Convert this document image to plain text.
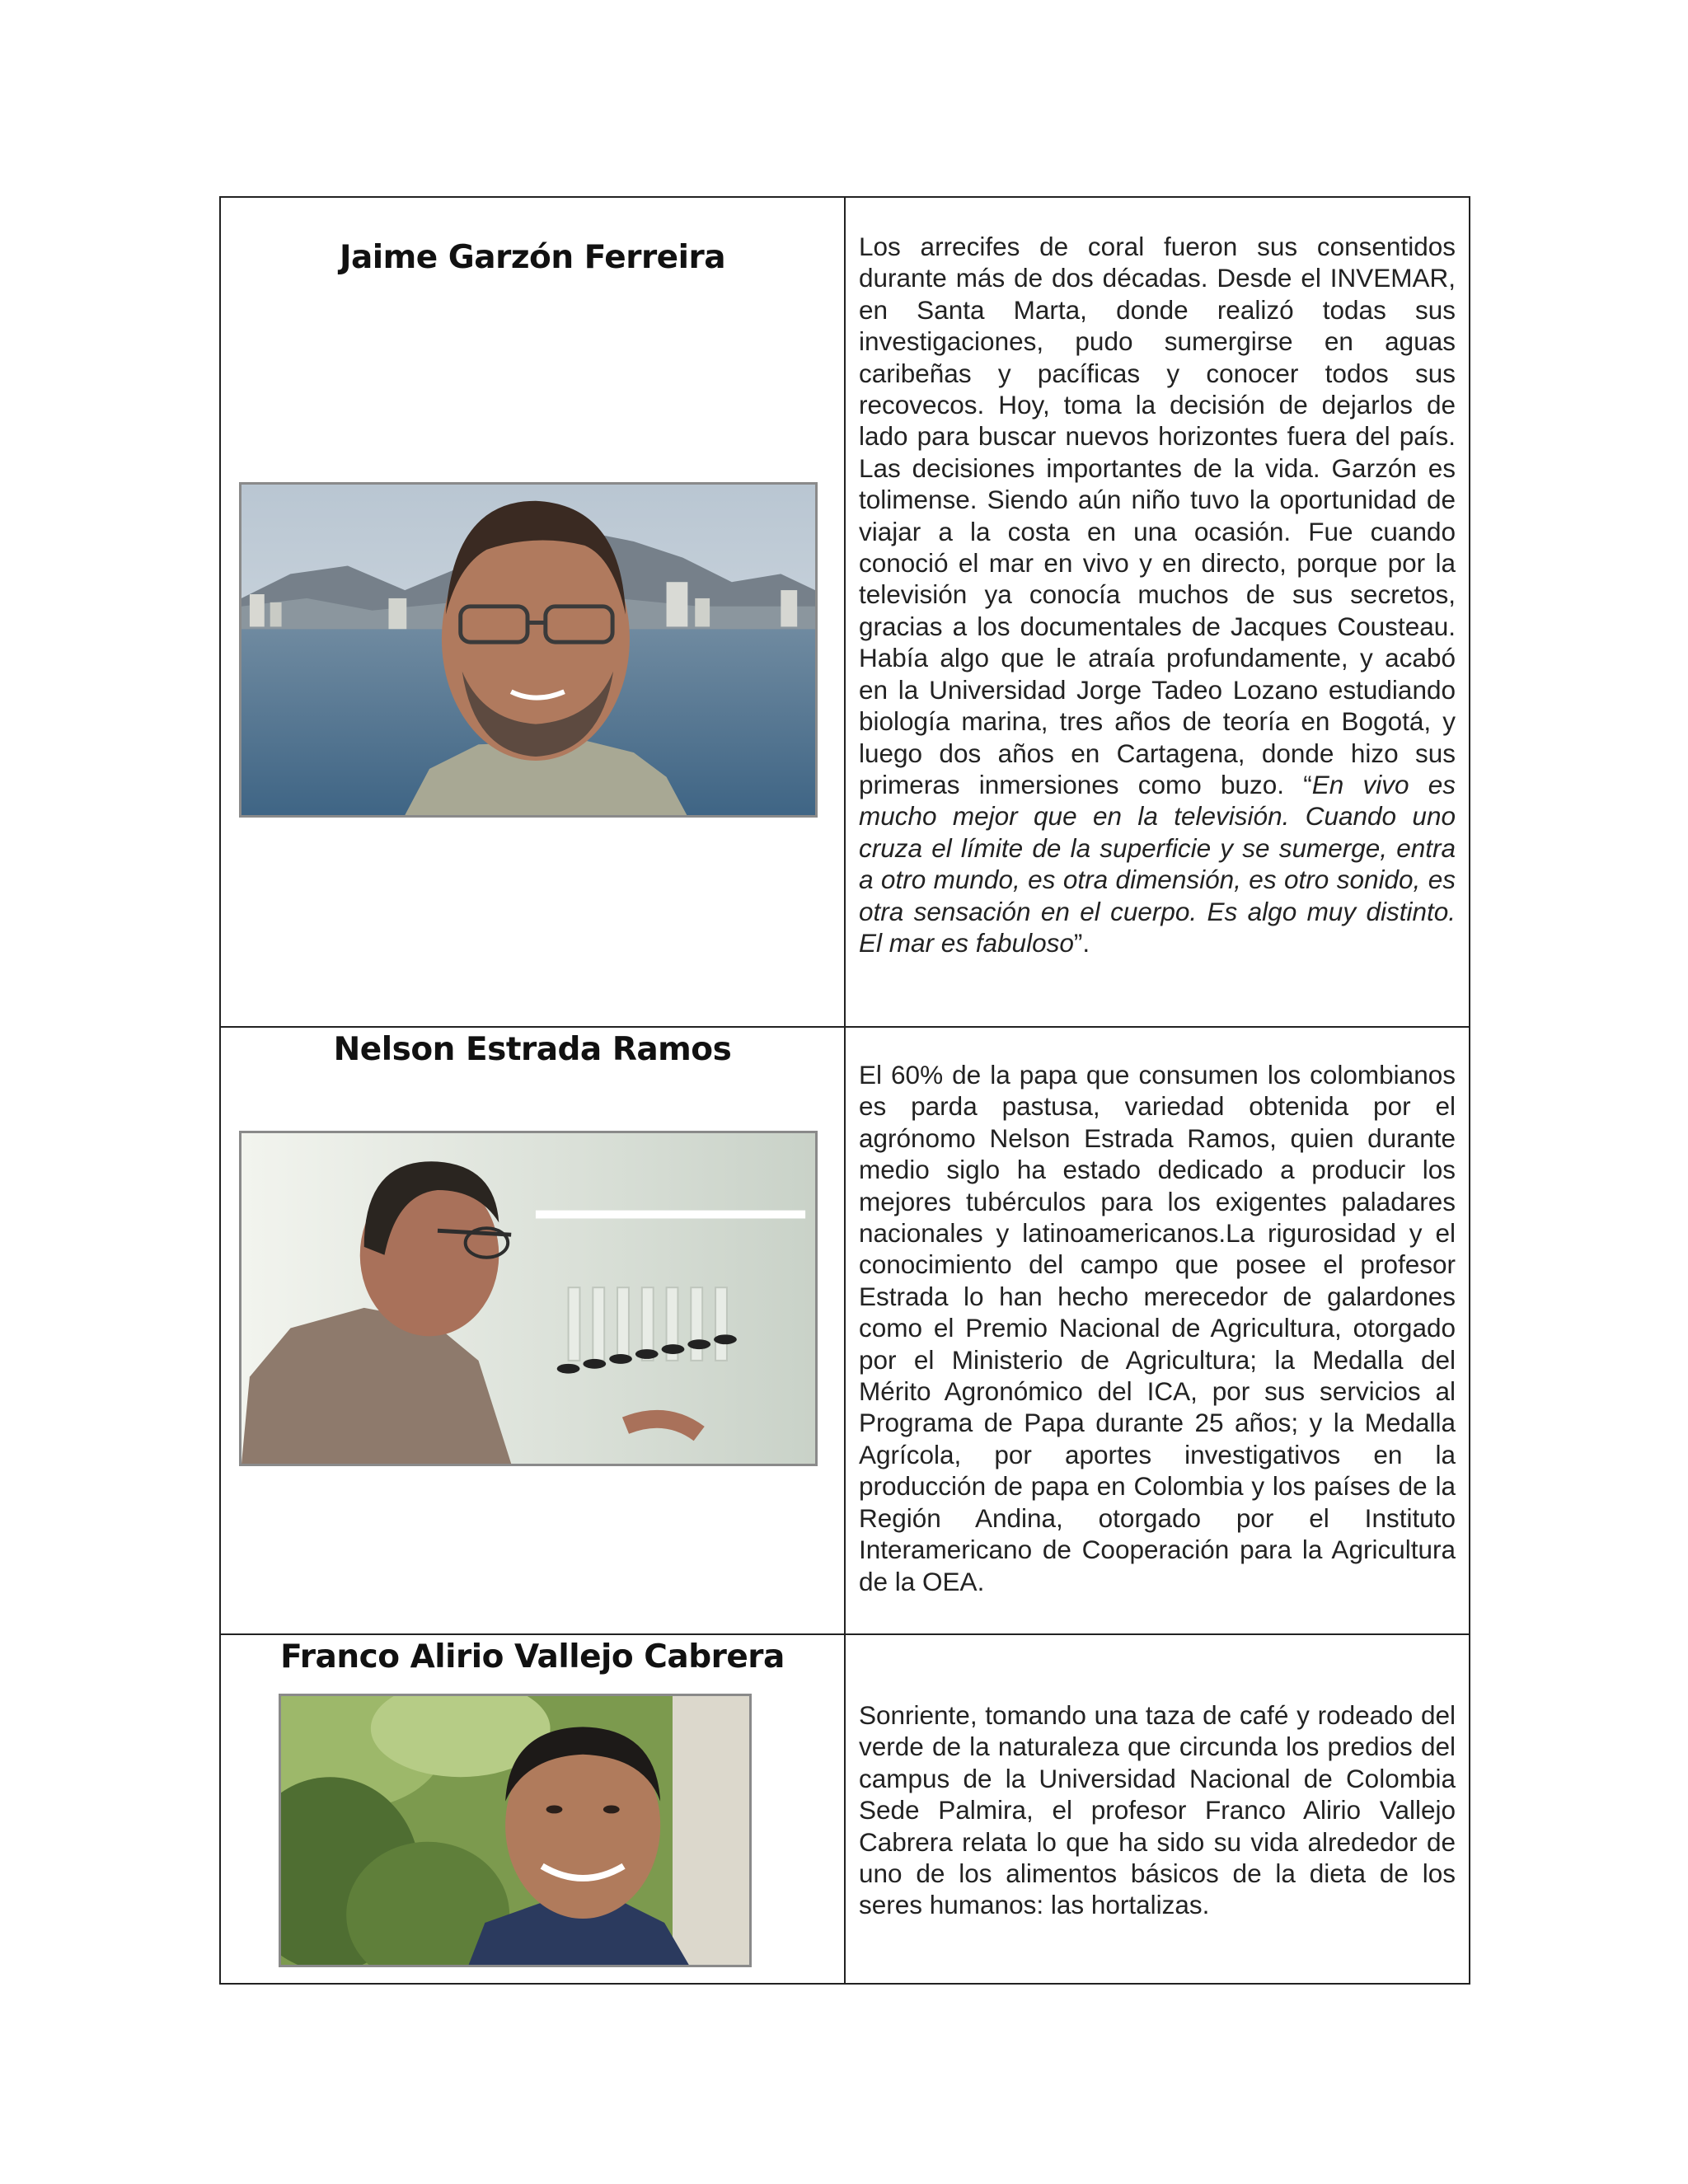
Jaime Garzón Ferreira	Los arrecifes de coral fueron sus consentidos durante más de dos décadas. Desde el INVEMAR, en Santa Marta, donde realizó todas sus investigaciones, pudo sumergirse en aguas caribeñas y pacíficas y conocer todos sus recovecos. Hoy, toma la decisión de dejarlos de lado para buscar nuevos horizontes fuera del país. Las decisiones importantes de la vida. Garzón es tolimense. Siendo aún niño tuvo la oportunidad de viajar a la costa en una ocasión. Fue cuando conoció el mar en vivo y en directo, porque por la televisión ya conocía muchos de sus secretos, gracias a los documentales de Jacques Cousteau. Había algo que le atraía profundamente, y acabó en la Universidad Jorge Tadeo Lozano estudiando biología marina, tres años de teoría en Bogotá, y luego dos años en Cartagena, donde hizo sus primeras inmersiones como buzo. “En vivo es mucho mejor que en la televisión. Cuando uno cruza el límite de la superficie y se sumerge, entra a otro mundo, es otra dimensión, es otro sonido, es otra sensación en el cuerpo. Es algo muy distinto. El mar es fabuloso”.

Nelson Estrada Ramos	El 60% de la papa que consumen los colombianos es parda pastusa, variedad obtenida por el agrónomo Nelson Estrada Ramos, quien durante medio siglo ha estado dedicado a producir los mejores tubérculos para los exigentes paladares nacionales y latinoamericanos.La rigurosidad y el conocimiento del campo que posee el profesor Estrada lo han hecho merecedor de galardones como el Premio Nacional de Agricultura, otorgado por el Ministerio de Agricultura; la Medalla del Mérito Agronómico del ICA, por sus servicios al Programa de Papa durante 25 años; y la Medalla Agrícola, por aportes investigativos en la producción de papa en Colombia y los países de la Región Andina, otorgado por el Instituto Interamericano de Cooperación para la Agricultura de la OEA.

Franco Alirio Vallejo Cabrera	Sonriente, tomando una taza de café y rodeado del verde de la naturaleza que circunda los predios del campus de la Universidad Nacional de Colombia Sede Palmira, el profesor Franco Alirio Vallejo Cabrera relata lo que ha sido su vida alrededor de uno de los alimentos básicos de la dieta de los seres humanos: las hortalizas.
